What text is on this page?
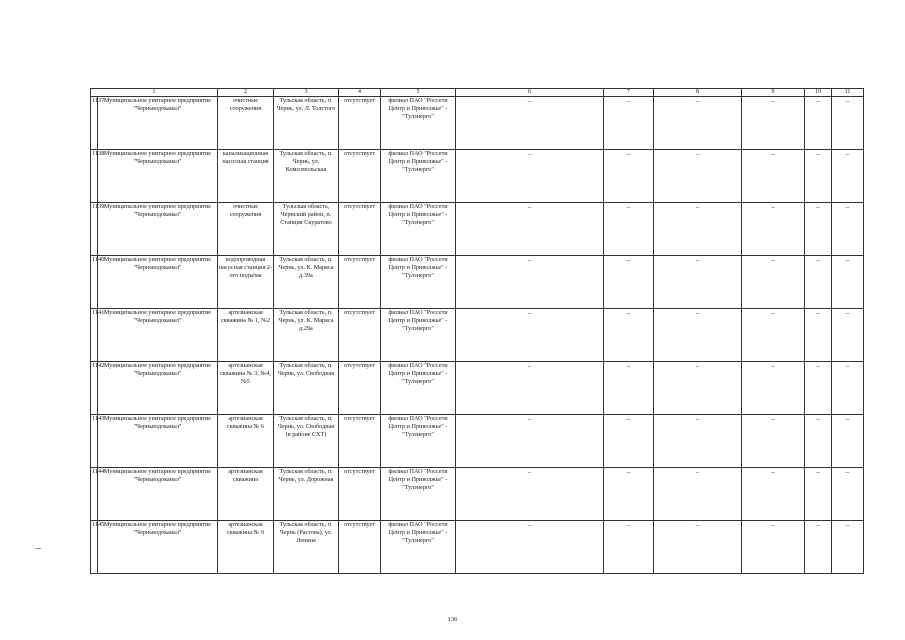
1		2	3	4	5	6	7	8	9	10	11
1137	Муниципальное унитарное предприятие "Черньводоканал"	очистные сооружения	Тульская область, п. Чернь, ул. Л. Толстого	отсутствует	филиал ПАО "Россети Центр и Приволжье" - "Тулэнерго"	–	–	–	–	–	–
1138	Муниципальное унитарное предприятие "Черньводоканал"	канализационная насосная станция	Тульская область, п. Чернь, ул. Комсомольская	отсутствует	филиал ПАО "Россети Центр и Приволжье" - "Тулэнерго"	–	–	–	–	–	–
1139	Муниципальное унитарное предприятие "Черньводоканал"	очистные сооружения	Тульская область, Чернский район, п. Станция Скуратово	отсутствует	филиал ПАО "Россети Центр и Приволжье" - "Тулэнерго"	–	–	–	–	–	–
1140	Муниципальное унитарное предприятие "Черньводоканал"	водопроводная насосная станция 2-ого подъёма	Тульская область, п. Чернь, ул. К. Маркса д.39а	отсутствует	филиал ПАО "Россети Центр и Приволжье" - "Тулэнерго"	–	–	–	–	–	–
1141	Муниципальное унитарное предприятие "Черньводоканал"	артезианская скважина № 1, №2	Тульская область, п. Чернь, ул. К. Маркса д.29а	отсутствует	филиал ПАО "Россети Центр и Приволжье" - "Тулэнерго"	–	–	–	–	–	–
1142	Муниципальное унитарное предприятие "Черньводоканал"	артезианская скважина № 3, №4, №5	Тульская область, п. Чернь, ул. Свободная	отсутствует	филиал ПАО "Россети Центр и Приволжье" - "Тулэнерго"	–	–	–	–	–	–
1143	Муниципальное унитарное предприятие "Черньводоканал"	артезианская скважина № 6	Тульская область, п. Чернь, ул. Свободная (в районе СХТ)	отсутствует	филиал ПАО "Россети Центр и Приволжье" - "Тулэнерго"	–	–	–	–	–	–
1144	Муниципальное унитарное предприятие "Черньводоканал"	артезианская скважина	Тульская область, п. Чернь, ул. Дорожная	отсутствует	филиал ПАО "Россети Центр и Приволжье" - "Тулэнерго"	–	–	–	–	–	–
1145	Муниципальное унитарное предприятие "Черньводоканал"	артезианская скважина № 9	Тульская область, п. Чернь (Растова), ул. Ленина	отсутствует	филиал ПАО "Россети Центр и Приволжье" - "Тулэнерго"	–	–	–	–	–	–
136
